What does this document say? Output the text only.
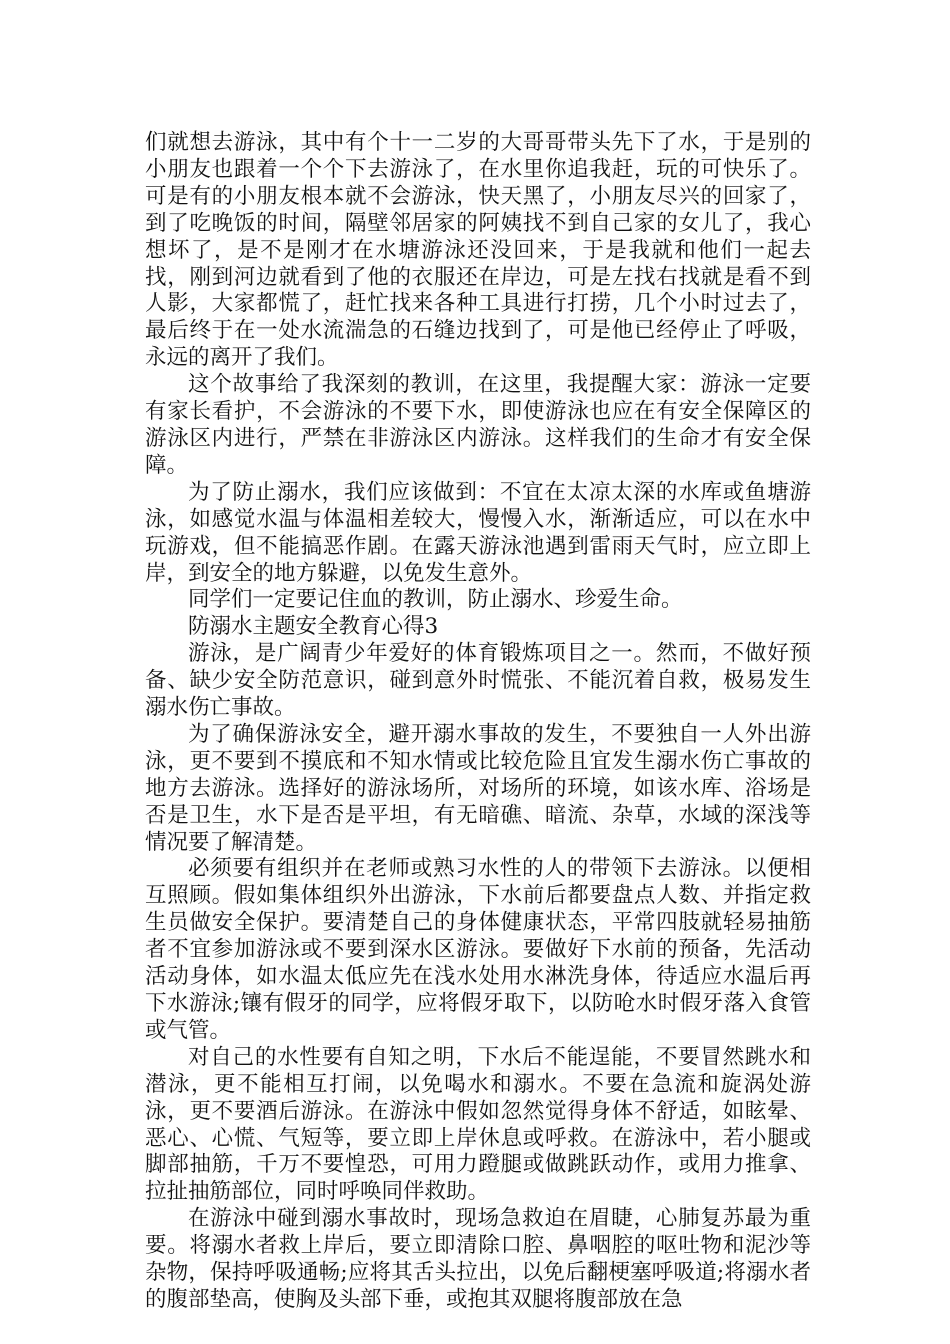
们就想去游泳，其中有个十一二岁的大哥哥带头先下了水，于是别的小朋友也跟着一个个下去游泳了，在水里你追我赶，玩的可快乐了。可是有的小朋友根本就不会游泳，快天黑了，小朋友尽兴的回家了，到了吃晚饭的时间，隔壁邻居家的阿姨找不到自己家的女儿了，我心想坏了，是不是刚才在水塘游泳还没回来，于是我就和他们一起去找，刚到河边就看到了他的衣服还在岸边，可是左找右找就是看不到人影，大家都慌了，赶忙找来各种工具进行打捞，几个小时过去了，最后终于在一处水流湍急的石缝边找到了，可是他已经停止了呼吸，永远的离开了我们。

这个故事给了我深刻的教训，在这里，我提醒大家：游泳一定要有家长看护，不会游泳的不要下水，即使游泳也应在有安全保障区的游泳区内进行，严禁在非游泳区内游泳。这样我们的生命才有安全保障。

为了防止溺水，我们应该做到：不宜在太凉太深的水库或鱼塘游泳，如感觉水温与体温相差较大，慢慢入水，渐渐适应，可以在水中玩游戏，但不能搞恶作剧。在露天游泳池遇到雷雨天气时，应立即上岸，到安全的地方躲避，以免发生意外。

同学们一定要记住血的教训，防止溺水、珍爱生命。

防溺水主题安全教育心得3

游泳，是广阔青少年爱好的体育锻炼项目之一。然而，不做好预备、缺少安全防范意识，碰到意外时慌张、不能沉着自救，极易发生溺水伤亡事故。

为了确保游泳安全，避开溺水事故的发生，不要独自一人外出游泳，更不要到不摸底和不知水情或比较危险且宜发生溺水伤亡事故的地方去游泳。选择好的游泳场所，对场所的环境，如该水库、浴场是否是卫生，水下是否是平坦，有无暗礁、暗流、杂草，水域的深浅等情况要了解清楚。

必须要有组织并在老师或熟习水性的人的带领下去游泳。以便相互照顾。假如集体组织外出游泳，下水前后都要盘点人数、并指定救生员做安全保护。要清楚自己的身体健康状态，平常四肢就轻易抽筋者不宜参加游泳或不要到深水区游泳。要做好下水前的预备，先活动活动身体，如水温太低应先在浅水处用水淋洗身体，待适应水温后再下水游泳;镶有假牙的同学，应将假牙取下，以防呛水时假牙落入食管或气管。

对自己的水性要有自知之明，下水后不能逞能，不要冒然跳水和潜泳，更不能相互打闹，以免喝水和溺水。不要在急流和旋涡处游泳，更不要酒后游泳。在游泳中假如忽然觉得身体不舒适，如眩晕、恶心、心慌、气短等，要立即上岸休息或呼救。在游泳中，若小腿或脚部抽筋，千万不要惶恐，可用力蹬腿或做跳跃动作，或用力推拿、拉扯抽筋部位，同时呼唤同伴救助。

在游泳中碰到溺水事故时，现场急救迫在眉睫，心肺复苏最为重要。将溺水者救上岸后，要立即清除口腔、鼻咽腔的呕吐物和泥沙等杂物，保持呼吸通畅;应将其舌头拉出，以免后翻梗塞呼吸道;将溺水者的腹部垫高，使胸及头部下垂，或抱其双腿将腹部放在急
